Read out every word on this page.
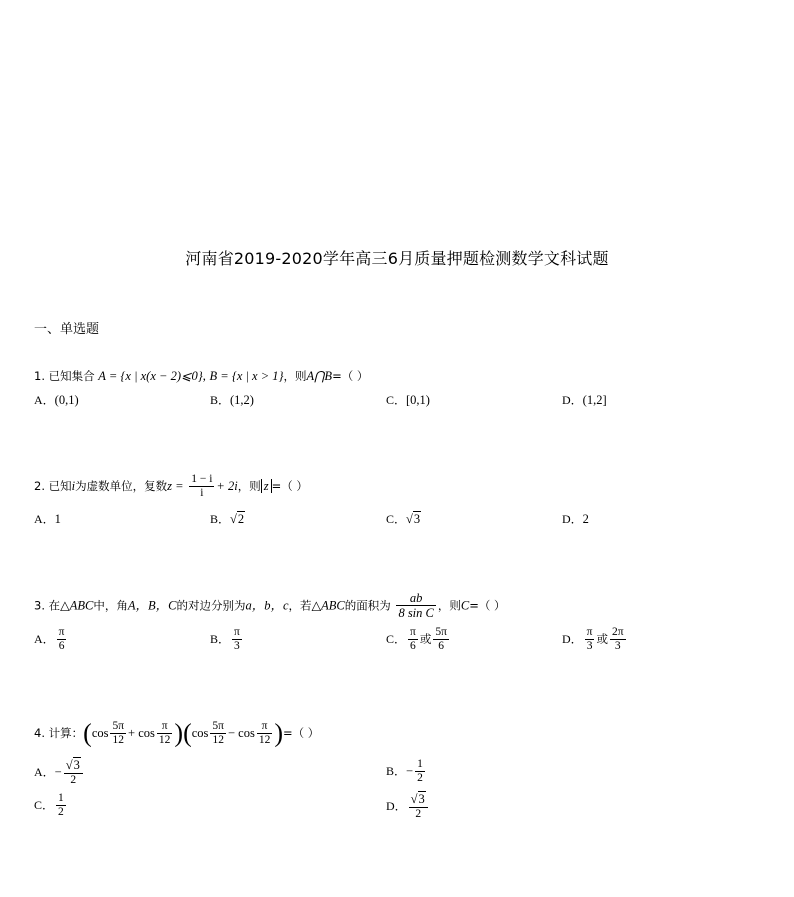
河南省2019-2020学年高三6月质量押题检测数学文科试题
一、单选题
1. 已知集合 A = {x | x(x − 2)⩽0}, B = {x | x > 1}，则A⋂B=（ ）
A．(0,1)	B．(1,2)	C．[0,1)	D．(1,2]
2. 已知i为虚数单位，复数$z = \frac{1 - i}{i} + 2i$，则 z =（ ）
A．1	B．√2	C．√3	D．2
3. 在△ABC中，角A，B，C的对边分别为a，b，c，若△ABC的面积为 $\frac{ab}{\text{8 sin C}}$ ，则C=（ ）
A． $\frac{\pi}{6}$	B． $\frac{\pi}{3}$	C． $\frac{\pi}{6}$ 或 $\frac{5\pi}{6}$	D． $\frac{\pi}{3}$ 或 $\frac{2\pi}{3}$
4. 计算：$(\cos \frac{5\pi}{12} + \cos \frac{\pi}{12} )(\cos \frac{5\pi}{12} - \cos \frac{\pi}{12}$ )=（ ）
A．− $\frac{√3}{2}$	B．− $\frac{1}{2}$
C． $\frac{1}{2}$	D． $\frac{√3}{2}$
